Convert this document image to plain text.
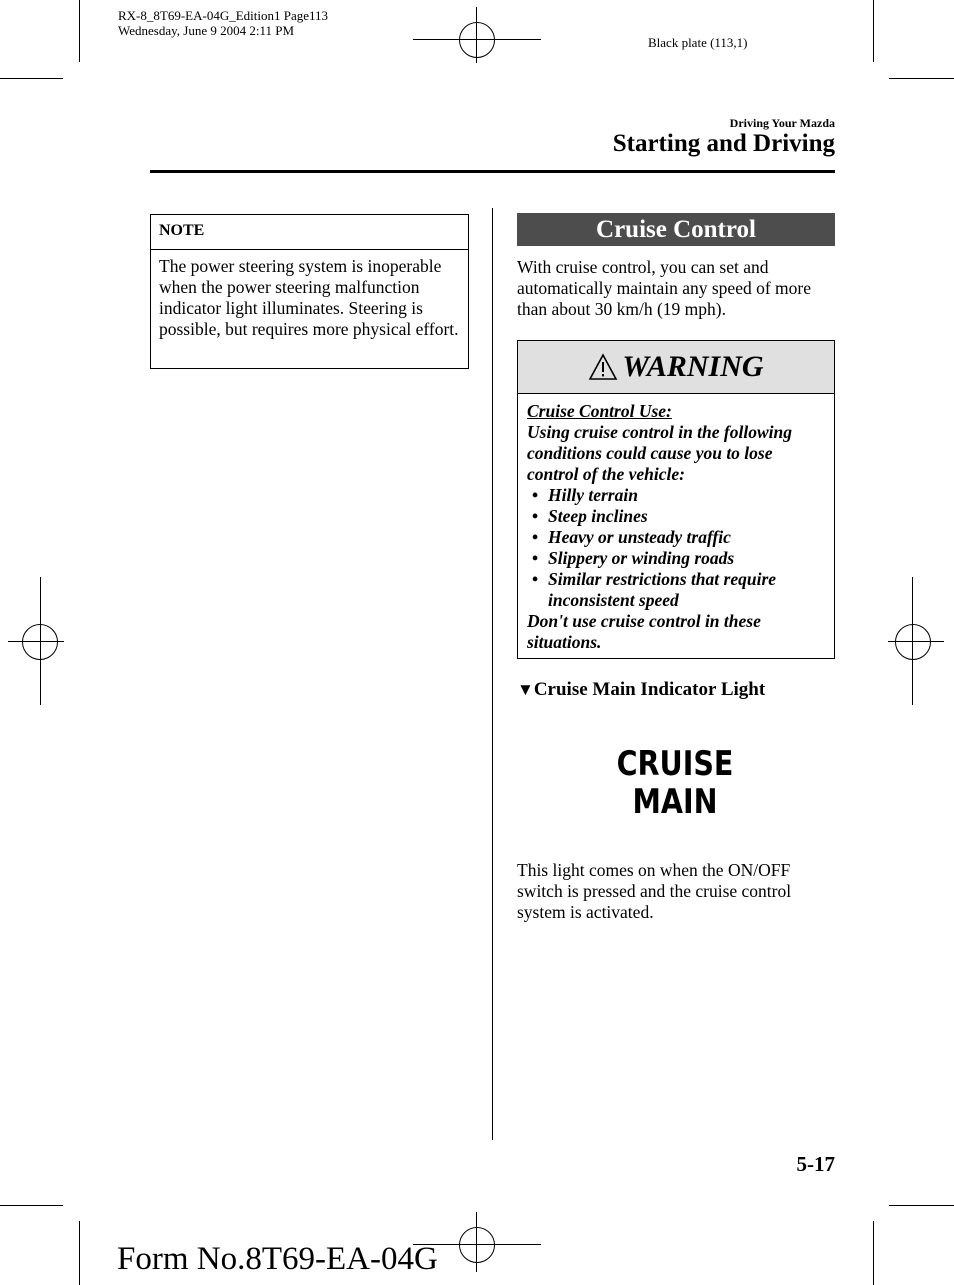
RX-8_8T69-EA-04G_Edition1 Page113
Wednesday, June 9 2004 2:11 PM
Black plate (113,1)
Driving Your Mazda
Starting and Driving
NOTE
The power steering system is inoperable when the power steering malfunction indicator light illuminates. Steering is possible, but requires more physical effort.
Cruise Control
With cruise control, you can set and automatically maintain any speed of more than about 30 km/h (19 mph).
WARNING
Cruise Control Use:
Using cruise control in the following conditions could cause you to lose control of the vehicle:
• Hilly terrain
• Steep inclines
• Heavy or unsteady traffic
• Slippery or winding roads
• Similar restrictions that require inconsistent speed
Don't use cruise control in these situations.
▼Cruise Main Indicator Light
CRUISE
MAIN
This light comes on when the ON/OFF switch is pressed and the cruise control system is activated.
5-17
Form No.8T69-EA-04G
